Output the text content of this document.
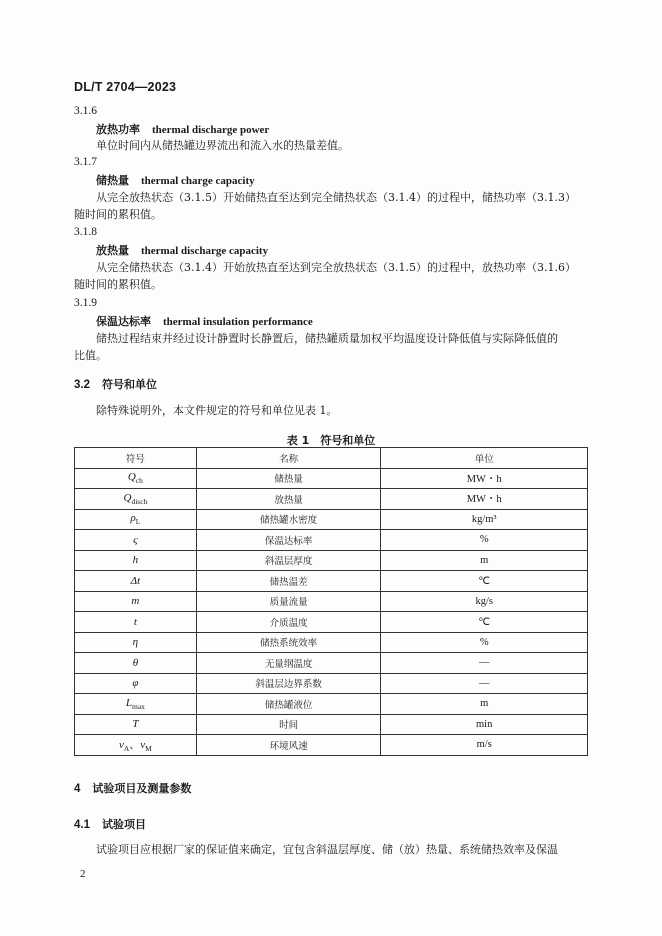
DL/T 2704—2023
3.1.6
放热功率 thermal discharge power
单位时间内从储热罐边界流出和流入水的热量差值。
3.1.7
储热量 thermal charge capacity
从完全放热状态（3.1.5）开始储热直至达到完全储热状态（3.1.4）的过程中，储热功率（3.1.3）
随时间的累积值。
3.1.8
放热量 thermal discharge capacity
从完全储热状态（3.1.4）开始放热直至达到完全放热状态（3.1.5）的过程中，放热功率（3.1.6）
随时间的累积值。
3.1.9
保温达标率 thermal insulation performance
储热过程结束并经过设计静置时长静置后，储热罐质量加权平均温度设计降低值与实际降低值的
比值。
3.2 符号和单位
除特殊说明外，本文件规定的符号和单位见表 1。
表 1　符号和单位
符号	名称	单位
$Q_{ch}$	储热量	MW・h
$Q_{disch}$	放热量	MW・h
$\rho_L$	储热罐水密度	kg/m³
ς	保温达标率	%
h	斜温层厚度	m
Δt	储热温差	℃
m	质量流量	kg/s
t	介质温度	℃
η	储热系统效率	%
θ	无量纲温度	—
φ	斜温层边界系数	—
$L_{max}$	储热罐液位	m
T	时间	min
$v_A$、$v_M$	环境风速	m/s
4 试验项目及测量参数
4.1 试验项目
试验项目应根据厂家的保证值来确定，宜包含斜温层厚度、储（放）热量、系统储热效率及保温
2
